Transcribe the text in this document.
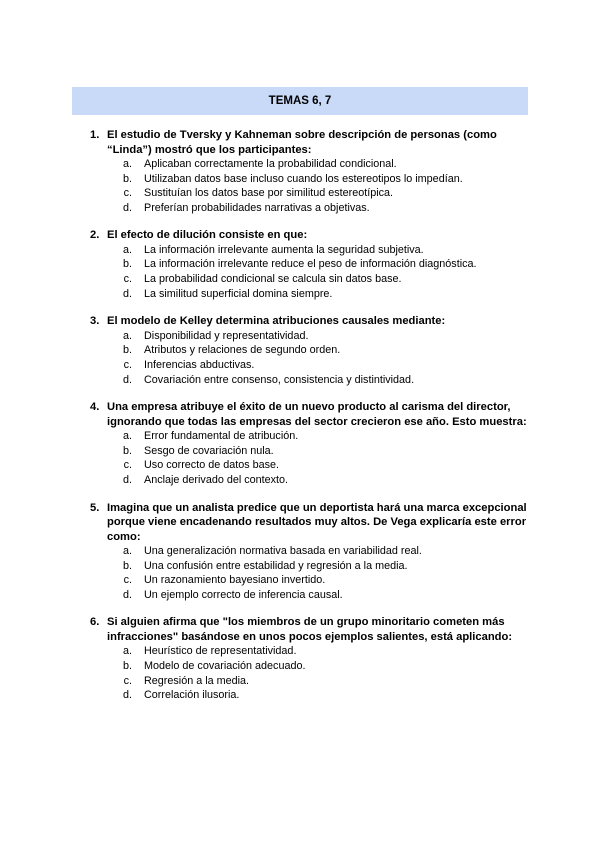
TEMAS 6, 7
1. El estudio de Tversky y Kahneman sobre descripción de personas (como “Linda”) mostró que los participantes:
a.	Aplicaban correctamente la probabilidad condicional.
b.	Utilizaban datos base incluso cuando los estereotipos lo impedían.
c.	Sustituían los datos base por similitud estereotípica.
d.	Preferían probabilidades narrativas a objetivas.
2. El efecto de dilución consiste en que:
a.	La información irrelevante aumenta la seguridad subjetiva.
b.	La información irrelevante reduce el peso de información diagnóstica.
c.	La probabilidad condicional se calcula sin datos base.
d.	La similitud superficial domina siempre.
3. El modelo de Kelley determina atribuciones causales mediante:
a.	Disponibilidad y representatividad.
b.	Atributos y relaciones de segundo orden.
c.	Inferencias abductivas.
d.	Covariación entre consenso, consistencia y distintividad.
4. Una empresa atribuye el éxito de un nuevo producto al carisma del director, ignorando que todas las empresas del sector crecieron ese año. Esto muestra:
a.	Error fundamental de atribución.
b.	Sesgo de covariación nula.
c.	Uso correcto de datos base.
d.	Anclaje derivado del contexto.
5. Imagina que un analista predice que un deportista hará una marca excepcional porque viene encadenando resultados muy altos. De Vega explicaría este error como:
a.	Una generalización normativa basada en variabilidad real.
b.	Una confusión entre estabilidad y regresión a la media.
c.	Un razonamiento bayesiano invertido.
d.	Un ejemplo correcto de inferencia causal.
6. Si alguien afirma que "los miembros de un grupo minoritario cometen más infracciones" basándose en unos pocos ejemplos salientes, está aplicando:
a.	Heurístico de representatividad.
b.	Modelo de covariación adecuado.
c.	Regresión a la media.
d.	Correlación ilusoria.
